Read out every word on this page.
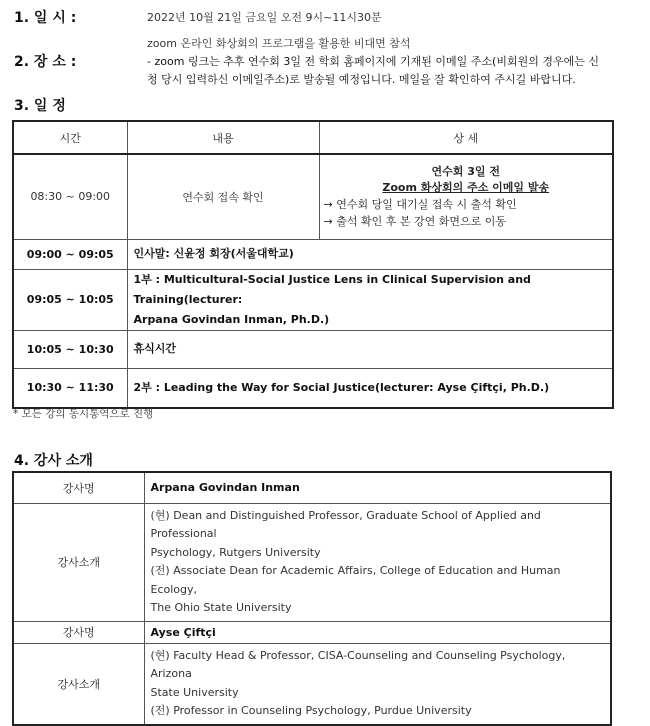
1. 일 시 :	2022년 10월 21일 금요일 오전 9시~11시30분
zoom 온라인 화상회의 프로그램을 활용한 비대면 참석
2. 장 소 :	- zoom 링크는 추후 연수회 3일 전 학회 홈페이지에 기재된 이메일 주소(비회원의 경우에는 신
청 당시 입력하신 이메일주소)로 발송될 예정입니다. 메일을 잘 확인하여 주시길 바랍니다.
3. 일 정
시간	내용	상 세
08:30 ~ 09:00	연수회 접속 확인	연수회 3일 전
Zoom 화상회의 주소 이메일 발송
→ 연수회 당일 대기실 접속 시 출석 확인
→ 출석 확인 후 본 강연 화면으로 이동

09:00 ~ 09:05	인사말: 신윤정 회장(서울대학교)	
09:05 ~ 10:05	1부 : Multicultural-Social Justice Lens in Clinical Supervision and Training(lecturer:
Arpana Govindan Inman, Ph.D.)	

10:05 ~ 10:30	휴식시간	
10:30 ~ 11:30	2부 : Leading the Way for Social Justice(lecturer: Ayse Çiftçi, Ph.D.)	
* 모든 강의 동시통역으로 진행
4. 강사 소개
강사명	Arpana Govindan Inman
강사소개	(현) Dean and Distinguished Professor, Graduate School of Applied and Professional
Psychology, Rutgers University
(전) Associate Dean for Academic Affairs, College of Education and Human Ecology,
The Ohio State University

강사명	Ayse Çiftçi
강사소개	(현) Faculty Head & Professor, CISA-Counseling and Counseling Psychology, Arizona
State University
(전) Professor in Counseling Psychology, Purdue University
